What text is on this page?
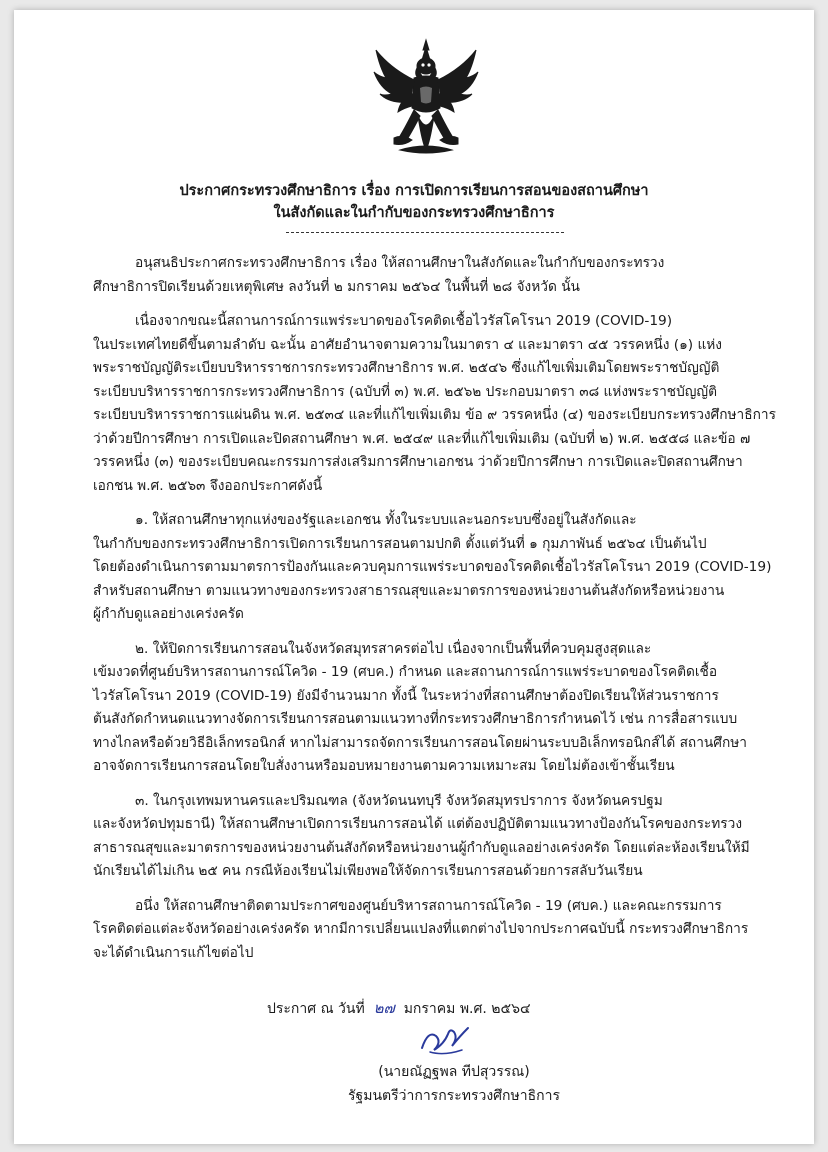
ประกาศกระทรวงศึกษาธิการ เรื่อง การเปิดการเรียนการสอนของสถานศึกษา
ในสังกัดและในกำกับของกระทรวงศึกษาธิการ

อนุสนธิประกาศกระทรวงศึกษาธิการ เรื่อง ให้สถานศึกษาในสังกัดและในกำกับของกระทรวง
ศึกษาธิการปิดเรียนด้วยเหตุพิเศษ ลงวันที่ ๒ มกราคม ๒๕๖๔ ในพื้นที่ ๒๘ จังหวัด นั้น

เนื่องจากขณะนี้สถานการณ์การแพร่ระบาดของโรคติดเชื้อไวรัสโคโรนา 2019 (COVID-19)
ในประเทศไทยดีขึ้นตามลำดับ ฉะนั้น อาศัยอำนาจตามความในมาตรา ๔ และมาตรา ๔๕ วรรคหนึ่ง (๑) แห่ง
พระราชบัญญัติระเบียบบริหารราชการกระทรวงศึกษาธิการ พ.ศ. ๒๕๔๖ ซึ่งแก้ไขเพิ่มเติมโดยพระราชบัญญัติ
ระเบียบบริหารราชการกระทรวงศึกษาธิการ (ฉบับที่ ๓) พ.ศ. ๒๕๖๒ ประกอบมาตรา ๓๘ แห่งพระราชบัญญัติ
ระเบียบบริหารราชการแผ่นดิน พ.ศ. ๒๕๓๔ และที่แก้ไขเพิ่มเติม ข้อ ๙ วรรคหนึ่ง (๔) ของระเบียบกระทรวงศึกษาธิการ
ว่าด้วยปีการศึกษา การเปิดและปิดสถานศึกษา พ.ศ. ๒๕๔๙ และที่แก้ไขเพิ่มเติม (ฉบับที่ ๒) พ.ศ. ๒๕๕๘ และข้อ ๗
วรรคหนึ่ง (๓) ของระเบียบคณะกรรมการส่งเสริมการศึกษาเอกชน ว่าด้วยปีการศึกษา การเปิดและปิดสถานศึกษา
เอกชน พ.ศ. ๒๕๖๓ จึงออกประกาศดังนี้

๑. ให้สถานศึกษาทุกแห่งของรัฐและเอกชน ทั้งในระบบและนอกระบบซึ่งอยู่ในสังกัดและ
ในกำกับของกระทรวงศึกษาธิการเปิดการเรียนการสอนตามปกติ ตั้งแต่วันที่ ๑ กุมภาพันธ์ ๒๕๖๔ เป็นต้นไป
โดยต้องดำเนินการตามมาตรการป้องกันและควบคุมการแพร่ระบาดของโรคติดเชื้อไวรัสโคโรนา 2019 (COVID-19)
สำหรับสถานศึกษา ตามแนวทางของกระทรวงสาธารณสุขและมาตรการของหน่วยงานต้นสังกัดหรือหน่วยงาน
ผู้กำกับดูแลอย่างเคร่งครัด

๒. ให้ปิดการเรียนการสอนในจังหวัดสมุทรสาครต่อไป เนื่องจากเป็นพื้นที่ควบคุมสูงสุดและ
เข้มงวดที่ศูนย์บริหารสถานการณ์โควิด - 19 (ศบค.) กำหนด และสถานการณ์การแพร่ระบาดของโรคติดเชื้อ
ไวรัสโคโรนา 2019 (COVID-19) ยังมีจำนวนมาก ทั้งนี้ ในระหว่างที่สถานศึกษาต้องปิดเรียนให้ส่วนราชการ
ต้นสังกัดกำหนดแนวทางจัดการเรียนการสอนตามแนวทางที่กระทรวงศึกษาธิการกำหนดไว้ เช่น การสื่อสารแบบ
ทางไกลหรือด้วยวิธีอิเล็กทรอนิกส์ หากไม่สามารถจัดการเรียนการสอนโดยผ่านระบบอิเล็กทรอนิกส์ได้ สถานศึกษา
อาจจัดการเรียนการสอนโดยใบสั่งงานหรือมอบหมายงานตามความเหมาะสม โดยไม่ต้องเข้าชั้นเรียน

๓. ในกรุงเทพมหานครและปริมณฑล (จังหวัดนนทบุรี จังหวัดสมุทรปราการ จังหวัดนครปฐม
และจังหวัดปทุมธานี) ให้สถานศึกษาเปิดการเรียนการสอนได้ แต่ต้องปฏิบัติตามแนวทางป้องกันโรคของกระทรวง
สาธารณสุขและมาตรการของหน่วยงานต้นสังกัดหรือหน่วยงานผู้กำกับดูแลอย่างเคร่งครัด โดยแต่ละห้องเรียนให้มี
นักเรียนได้ไม่เกิน ๒๕ คน กรณีห้องเรียนไม่เพียงพอให้จัดการเรียนการสอนด้วยการสลับวันเรียน

อนึ่ง ให้สถานศึกษาติดตามประกาศของศูนย์บริหารสถานการณ์โควิด - 19 (ศบค.) และคณะกรรมการ
โรคติดต่อแต่ละจังหวัดอย่างเคร่งครัด หากมีการเปลี่ยนแปลงที่แตกต่างไปจากประกาศฉบับนี้ กระทรวงศึกษาธิการ
จะได้ดำเนินการแก้ไขต่อไป

ประกาศ ณ วันที่ ๒๗ มกราคม พ.ศ. ๒๕๖๔
(นายณัฏฐพล ทีปสุวรรณ)
รัฐมนตรีว่าการกระทรวงศึกษาธิการ
